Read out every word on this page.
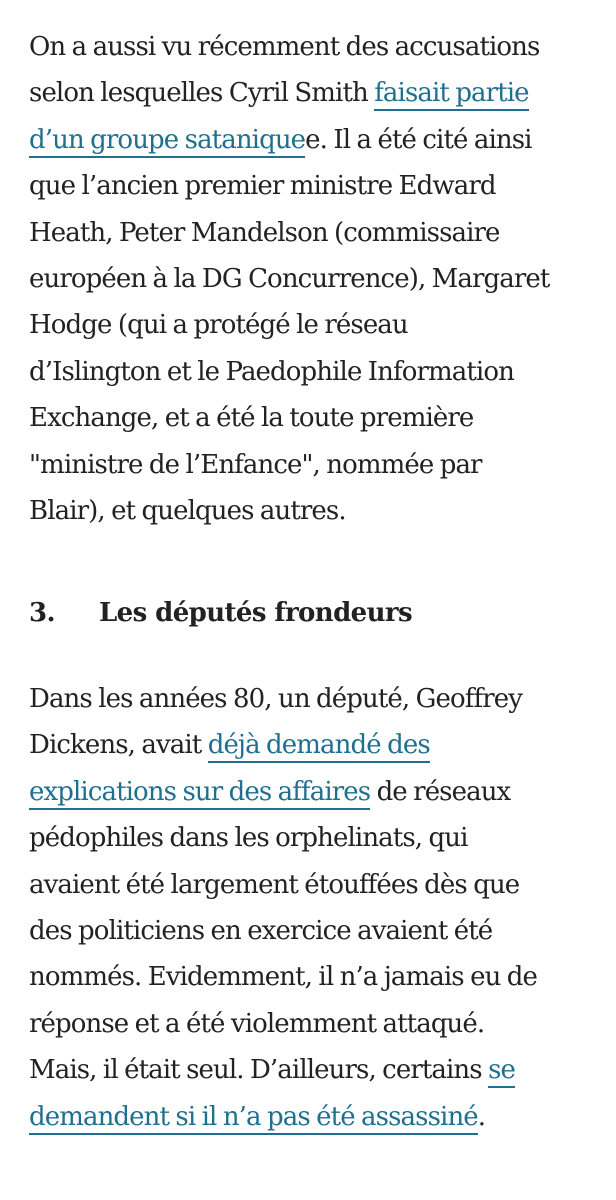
On a aussi vu récemment des accusations
selon lesquelles Cyril Smith faisait partie
d’un groupe sataniquee. Il a été cité ainsi
que l’ancien premier ministre Edward
Heath, Peter Mandelson (commissaire
européen à la DG Concurrence), Margaret
Hodge (qui a protégé le réseau
d’Islington et le Paedophile Information
Exchange, et a été la toute première
"ministre de l’Enfance", nommée par
Blair), et quelques autres.

3. Les députés frondeurs

Dans les années 80, un député, Geoffrey
Dickens, avait déjà demandé des
explications sur des affaires de réseaux
pédophiles dans les orphelinats, qui
avaient été largement étouffées dès que
des politiciens en exercice avaient été
nommés. Evidemment, il n’a jamais eu de
réponse et a été violemment attaqué.
Mais, il était seul. D’ailleurs, certains se
demandent si il n’a pas été assassiné.
